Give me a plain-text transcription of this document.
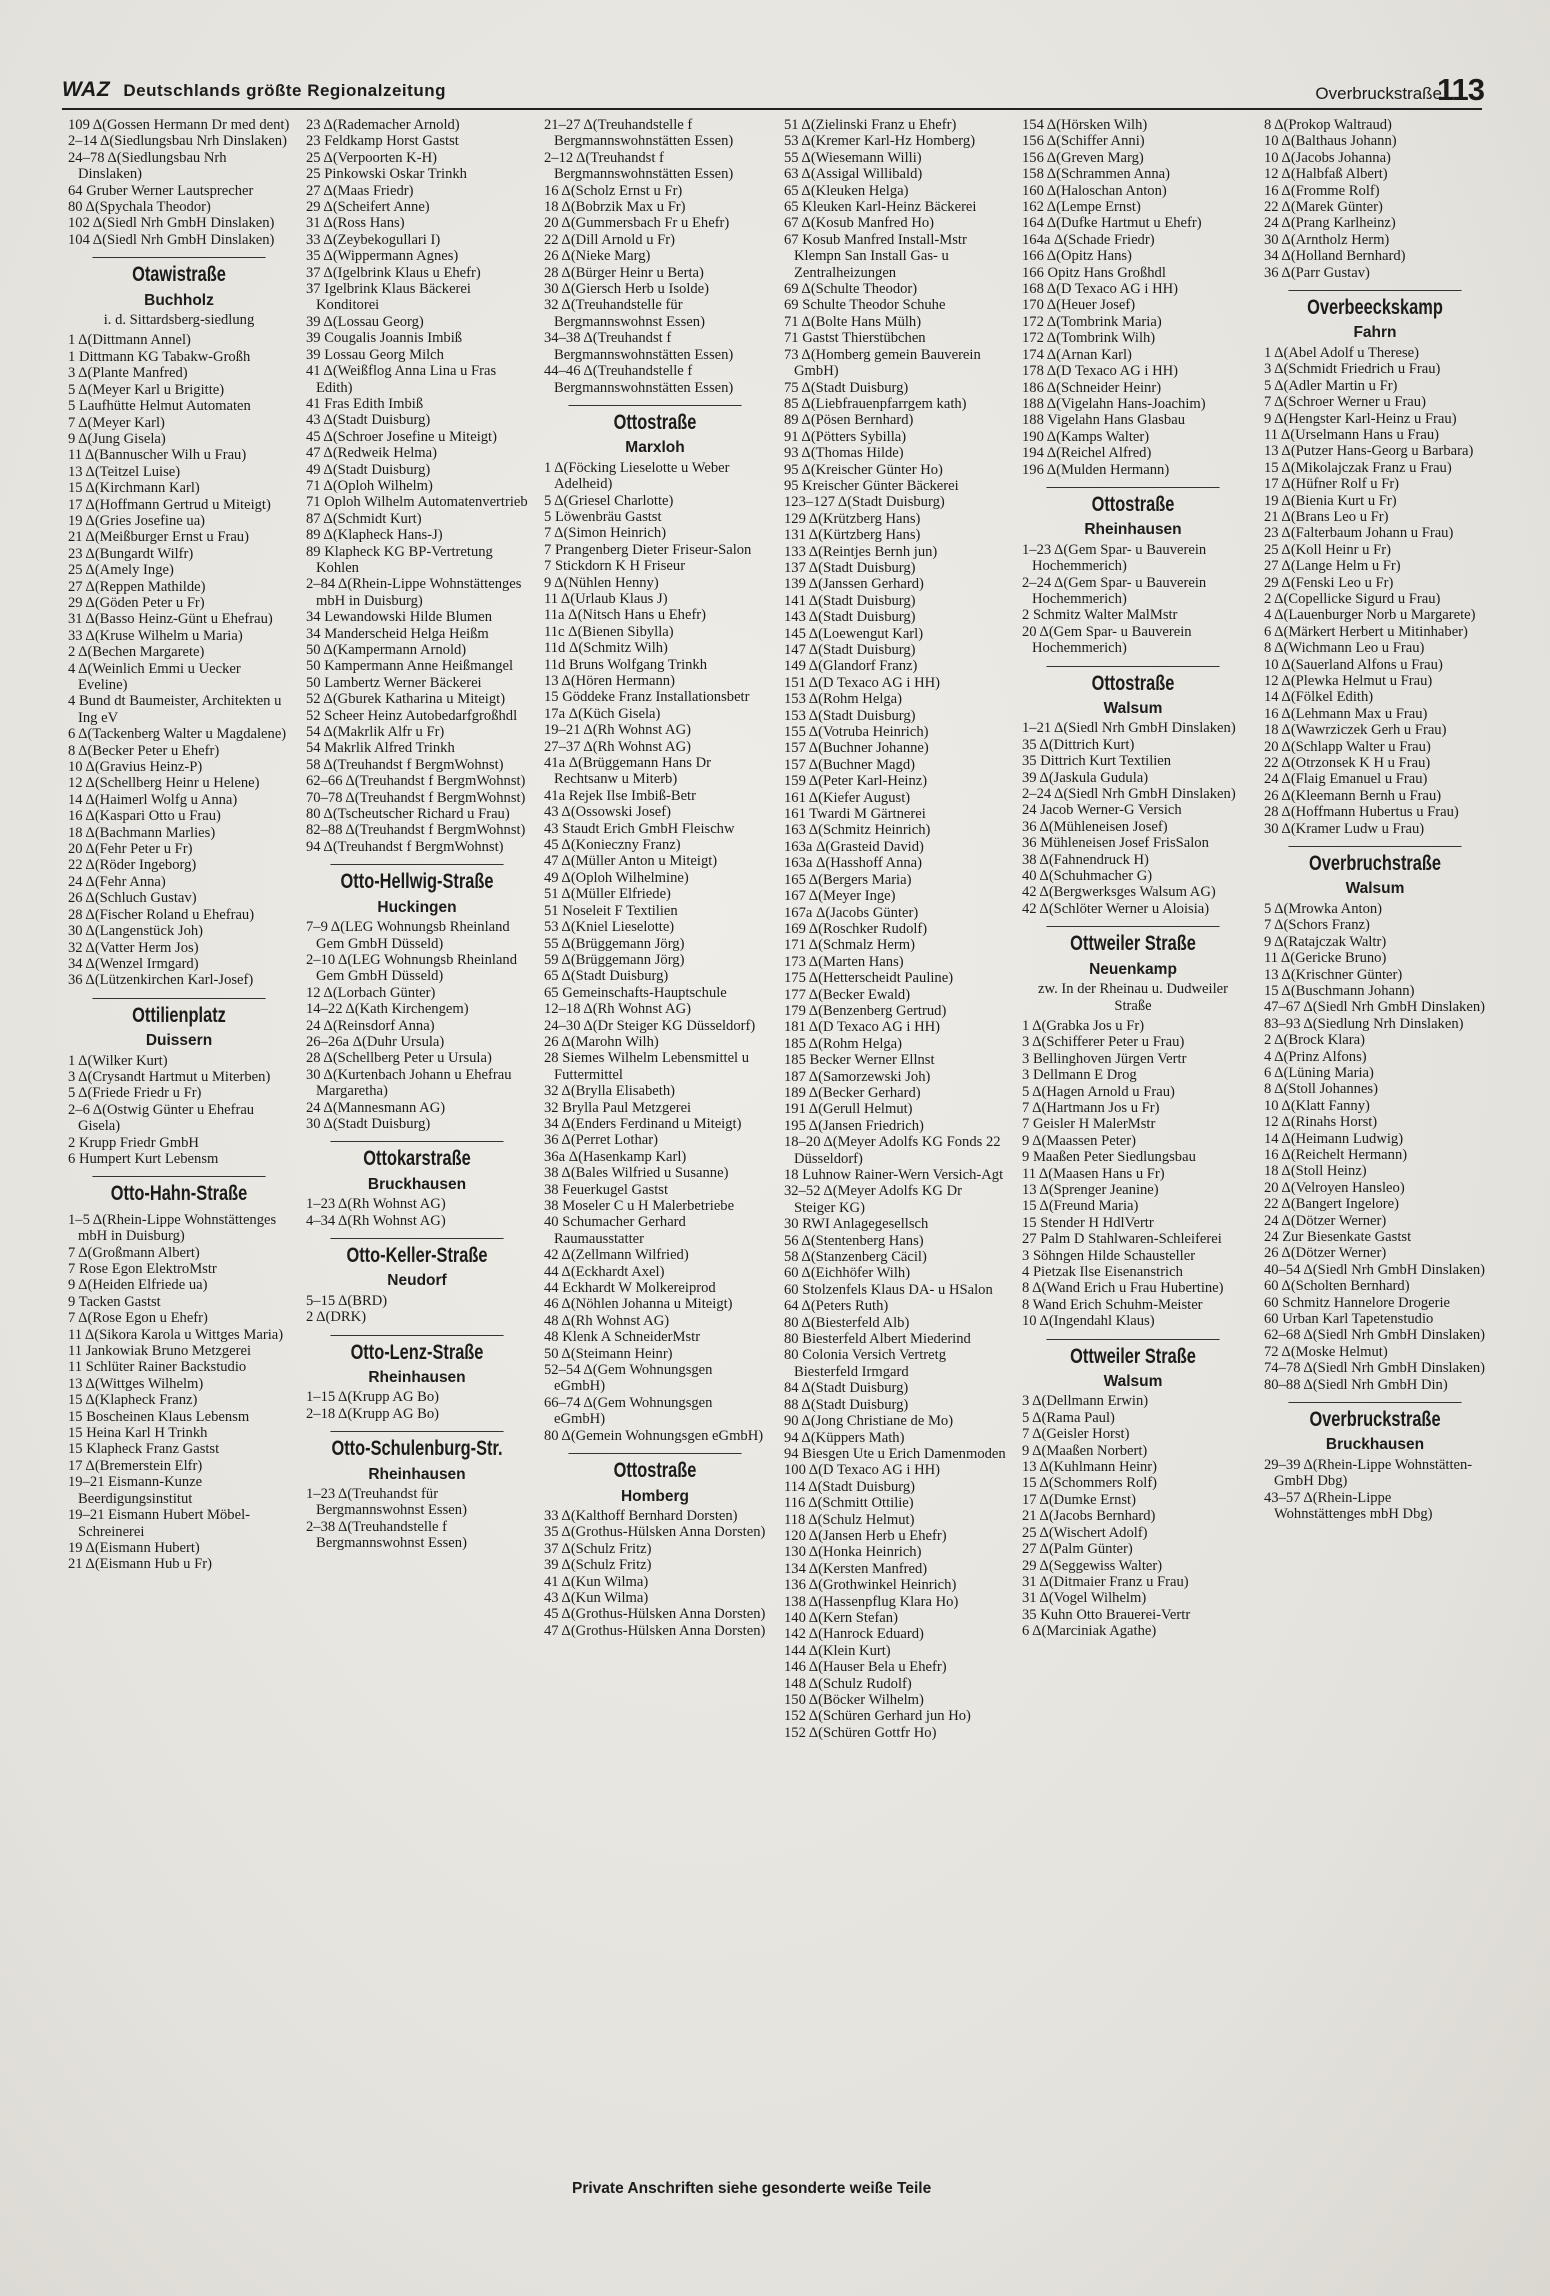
WAZ Deutschlands größte Regionalzeitung	Overbruckstraße
113
109 Δ(Gossen Hermann Dr med dent)
2–14 Δ(Siedlungsbau Nrh Dinslaken)
24–78 Δ(Siedlungsbau Nrh Dinslaken)
64 Gruber Werner Lautsprecher
80 Δ(Spychala Theodor)
102 Δ(Siedl Nrh GmbH Dinslaken)
104 Δ(Siedl Nrh GmbH Dinslaken)
Otawistraße
Buchholz
i. d. Sittardsberg-siedlung
1 Δ(Dittmann Annel)
1 Dittmann KG Tabakw-Großh
3 Δ(Plante Manfred)
5 Δ(Meyer Karl u Brigitte)
5 Laufhütte Helmut Automaten
7 Δ(Meyer Karl)
9 Δ(Jung Gisela)
11 Δ(Bannuscher Wilh u Frau)
13 Δ(Teitzel Luise)
15 Δ(Kirchmann Karl)
17 Δ(Hoffmann Gertrud u Miteigt)
19 Δ(Gries Josefine ua)
21 Δ(Meißburger Ernst u Frau)
23 Δ(Bungardt Wilfr)
25 Δ(Amely Inge)
27 Δ(Reppen Mathilde)
29 Δ(Göden Peter u Fr)
31 Δ(Basso Heinz-Günt u Ehefrau)
33 Δ(Kruse Wilhelm u Maria)
2 Δ(Bechen Margarete)
4 Δ(Weinlich Emmi u Uecker Eveline)
4 Bund dt Baumeister, Architekten u Ing eV
6 Δ(Tackenberg Walter u Magdalene)
8 Δ(Becker Peter u Ehefr)
10 Δ(Gravius Heinz-P)
12 Δ(Schellberg Heinr u Helene)
14 Δ(Haimerl Wolfg u Anna)
16 Δ(Kaspari Otto u Frau)
18 Δ(Bachmann Marlies)
20 Δ(Fehr Peter u Fr)
22 Δ(Röder Ingeborg)
24 Δ(Fehr Anna)
26 Δ(Schluch Gustav)
28 Δ(Fischer Roland u Ehefrau)
30 Δ(Langenstück Joh)
32 Δ(Vatter Herm Jos)
34 Δ(Wenzel Irmgard)
36 Δ(Lützenkirchen Karl-Josef)
Ottilienplatz
Duissern
1 Δ(Wilker Kurt)
3 Δ(Crysandt Hartmut u Miterben)
5 Δ(Friede Friedr u Fr)
2–6 Δ(Ostwig Günter u Ehefrau Gisela)
2 Krupp Friedr GmbH
6 Humpert Kurt Lebensm
Otto-Hahn-Straße
1–5 Δ(Rhein-Lippe Wohnstättenges mbH in Duisburg)
7 Δ(Großmann Albert)
7 Rose Egon ElektroMstr
9 Δ(Heiden Elfriede ua)
9 Tacken Gastst
7 Δ(Rose Egon u Ehefr)
11 Δ(Sikora Karola u Wittges Maria)
11 Jankowiak Bruno Metzgerei
11 Schlüter Rainer Backstudio
13 Δ(Wittges Wilhelm)
15 Δ(Klapheck Franz)
15 Boscheinen Klaus Lebensm
15 Heina Karl H Trinkh
15 Klapheck Franz Gastst
17 Δ(Bremerstein Elfr)
19–21 Eismann-Kunze Beerdigungsinstitut
19–21 Eismann Hubert Möbel-Schreinerei
19 Δ(Eismann Hubert)
21 Δ(Eismann Hub u Fr)
23 Δ(Rademacher Arnold)
23 Feldkamp Horst Gastst
25 Δ(Verpoorten K-H)
25 Pinkowski Oskar Trinkh
27 Δ(Maas Friedr)
29 Δ(Scheifert Anne)
31 Δ(Ross Hans)
33 Δ(Zeybekogullari I)
35 Δ(Wippermann Agnes)
37 Δ(Igelbrink Klaus u Ehefr)
37 Igelbrink Klaus Bäckerei Konditorei
39 Δ(Lossau Georg)
39 Cougalis Joannis Imbiß
39 Lossau Georg Milch
41 Δ(Weißflog Anna Lina u Fras Edith)
41 Fras Edith Imbiß
43 Δ(Stadt Duisburg)
45 Δ(Schroer Josefine u Miteigt)
47 Δ(Redweik Helma)
49 Δ(Stadt Duisburg)
71 Δ(Oploh Wilhelm)
71 Oploh Wilhelm Automatenvertrieb
87 Δ(Schmidt Kurt)
89 Δ(Klapheck Hans-J)
89 Klapheck KG BP-Vertretung Kohlen
2–84 Δ(Rhein-Lippe Wohnstättenges mbH in Duisburg)
34 Lewandowski Hilde Blumen
34 Manderscheid Helga Heißm
50 Δ(Kampermann Arnold)
50 Kampermann Anne Heißmangel
50 Lambertz Werner Bäckerei
52 Δ(Gburek Katharina u Miteigt)
52 Scheer Heinz Autobedarfgroßhdl
54 Δ(Makrlik Alfr u Fr)
54 Makrlik Alfred Trinkh
58 Δ(Treuhandst f BergmWohnst)
62–66 Δ(Treuhandst f BergmWohnst)
70–78 Δ(Treuhandst f BergmWohnst)
80 Δ(Tscheutscher Richard u Frau)
82–88 Δ(Treuhandst f BergmWohnst)
94 Δ(Treuhandst f BergmWohnst)
Otto-Hellwig-Straße
Huckingen
7–9 Δ(LEG Wohnungsb Rheinland Gem GmbH Düsseld)
2–10 Δ(LEG Wohnungsb Rheinland Gem GmbH Düsseld)
12 Δ(Lorbach Günter)
14–22 Δ(Kath Kirchengem)
24 Δ(Reinsdorf Anna)
26–26a Δ(Duhr Ursula)
28 Δ(Schellberg Peter u Ursula)
30 Δ(Kurtenbach Johann u Ehefrau Margaretha)
24 Δ(Mannesmann AG)
30 Δ(Stadt Duisburg)
Ottokarstraße
Bruckhausen
1–23 Δ(Rh Wohnst AG)
4–34 Δ(Rh Wohnst AG)
Otto-Keller-Straße
Neudorf
5–15 Δ(BRD)
2 Δ(DRK)
Otto-Lenz-Straße
Rheinhausen
1–15 Δ(Krupp AG Bo)
2–18 Δ(Krupp AG Bo)
Otto-Schulenburg-Str.
Rheinhausen
1–23 Δ(Treuhandst für Bergmannswohnst Essen)
2–38 Δ(Treuhandstelle f Bergmannswohnst Essen)
21–27 Δ(Treuhandstelle f Bergmannswohnstätten Essen)
2–12 Δ(Treuhandst f Bergmannswohnstätten Essen)
16 Δ(Scholz Ernst u Fr)
18 Δ(Bobrzik Max u Fr)
20 Δ(Gummersbach Fr u Ehefr)
22 Δ(Dill Arnold u Fr)
26 Δ(Nieke Marg)
28 Δ(Bürger Heinr u Berta)
30 Δ(Giersch Herb u Isolde)
32 Δ(Treuhandstelle für Bergmannswohnst Essen)
34–38 Δ(Treuhandst f Bergmannswohnstätten Essen)
44–46 Δ(Treuhandstelle f Bergmannswohnstätten Essen)
Ottostraße
Marxloh
1 Δ(Föcking Lieselotte u Weber Adelheid)
5 Δ(Griesel Charlotte)
5 Löwenbräu Gastst
7 Δ(Simon Heinrich)
7 Prangenberg Dieter Friseur-Salon
7 Stickdorn K H Friseur
9 Δ(Nühlen Henny)
11 Δ(Urlaub Klaus J)
11a Δ(Nitsch Hans u Ehefr)
11c Δ(Bienen Sibylla)
11d Δ(Schmitz Wilh)
11d Bruns Wolfgang Trinkh
13 Δ(Hören Hermann)
15 Göddeke Franz Installationsbetr
17a Δ(Küch Gisela)
19–21 Δ(Rh Wohnst AG)
27–37 Δ(Rh Wohnst AG)
41a Δ(Brüggemann Hans Dr Rechtsanw u Miterb)
41a Rejek Ilse Imbiß-Betr
43 Δ(Ossowski Josef)
43 Staudt Erich GmbH Fleischw
45 Δ(Konieczny Franz)
47 Δ(Müller Anton u Miteigt)
49 Δ(Oploh Wilhelmine)
51 Δ(Müller Elfriede)
51 Noseleit F Textilien
53 Δ(Kniel Lieselotte)
55 Δ(Brüggemann Jörg)
59 Δ(Brüggemann Jörg)
65 Δ(Stadt Duisburg)
65 Gemeinschafts-Hauptschule
12–18 Δ(Rh Wohnst AG)
24–30 Δ(Dr Steiger KG Düsseldorf)
26 Δ(Marohn Wilh)
28 Siemes Wilhelm Lebensmittel u Futtermittel
32 Δ(Brylla Elisabeth)
32 Brylla Paul Metzgerei
34 Δ(Enders Ferdinand u Miteigt)
36 Δ(Perret Lothar)
36a Δ(Hasenkamp Karl)
38 Δ(Bales Wilfried u Susanne)
38 Feuerkugel Gastst
38 Moseler C u H Malerbetriebe
40 Schumacher Gerhard Raumausstatter
42 Δ(Zellmann Wilfried)
44 Δ(Eckhardt Axel)
44 Eckhardt W Molkereiprod
46 Δ(Nöhlen Johanna u Miteigt)
48 Δ(Rh Wohnst AG)
48 Klenk A SchneiderMstr
50 Δ(Steimann Heinr)
52–54 Δ(Gem Wohnungsgen eGmbH)
66–74 Δ(Gem Wohnungsgen eGmbH)
80 Δ(Gemein Wohnungsgen eGmbH)
Ottostraße
Homberg
33 Δ(Kalthoff Bernhard Dorsten)
35 Δ(Grothus-Hülsken Anna Dorsten)
37 Δ(Schulz Fritz)
39 Δ(Schulz Fritz)
41 Δ(Kun Wilma)
43 Δ(Kun Wilma)
45 Δ(Grothus-Hülsken Anna Dorsten)
47 Δ(Grothus-Hülsken Anna Dorsten)
51 Δ(Zielinski Franz u Ehefr)
53 Δ(Kremer Karl-Hz Homberg)
55 Δ(Wiesemann Willi)
63 Δ(Assigal Willibald)
65 Δ(Kleuken Helga)
65 Kleuken Karl-Heinz Bäckerei
67 Δ(Kosub Manfred Ho)
67 Kosub Manfred Install-Mstr Klempn San Install Gas- u Zentralheizungen
69 Δ(Schulte Theodor)
69 Schulte Theodor Schuhe
71 Δ(Bolte Hans Mülh)
71 Gastst Thierstübchen
73 Δ(Homberg gemein Bauverein GmbH)
75 Δ(Stadt Duisburg)
85 Δ(Liebfrauenpfarrgem kath)
89 Δ(Pösen Bernhard)
91 Δ(Pötters Sybilla)
93 Δ(Thomas Hilde)
95 Δ(Kreischer Günter Ho)
95 Kreischer Günter Bäckerei
123–127 Δ(Stadt Duisburg)
129 Δ(Krützberg Hans)
131 Δ(Kürtzberg Hans)
133 Δ(Reintjes Bernh jun)
137 Δ(Stadt Duisburg)
139 Δ(Janssen Gerhard)
141 Δ(Stadt Duisburg)
143 Δ(Stadt Duisburg)
145 Δ(Loewengut Karl)
147 Δ(Stadt Duisburg)
149 Δ(Glandorf Franz)
151 Δ(D Texaco AG i HH)
153 Δ(Rohm Helga)
153 Δ(Stadt Duisburg)
155 Δ(Votruba Heinrich)
157 Δ(Buchner Johanne)
157 Δ(Buchner Magd)
159 Δ(Peter Karl-Heinz)
161 Δ(Kiefer August)
161 Twardi M Gärtnerei
163 Δ(Schmitz Heinrich)
163a Δ(Grasteid David)
163a Δ(Hasshoff Anna)
165 Δ(Bergers Maria)
167 Δ(Meyer Inge)
167a Δ(Jacobs Günter)
169 Δ(Roschker Rudolf)
171 Δ(Schmalz Herm)
173 Δ(Marten Hans)
175 Δ(Hetterscheidt Pauline)
177 Δ(Becker Ewald)
179 Δ(Benzenberg Gertrud)
181 Δ(D Texaco AG i HH)
185 Δ(Rohm Helga)
185 Becker Werner Ellnst
187 Δ(Samorzewski Joh)
189 Δ(Becker Gerhard)
191 Δ(Gerull Helmut)
195 Δ(Jansen Friedrich)
18–20 Δ(Meyer Adolfs KG Fonds 22 Düsseldorf)
18 Luhnow Rainer-Wern Versich-Agt
32–52 Δ(Meyer Adolfs KG Dr Steiger KG)
30 RWI Anlagegesellsch
56 Δ(Stentenberg Hans)
58 Δ(Stanzenberg Cäcil)
60 Δ(Eichhöfer Wilh)
60 Stolzenfels Klaus DA- u HSalon
64 Δ(Peters Ruth)
80 Δ(Biesterfeld Alb)
80 Biesterfeld Albert Miederind
80 Colonia Versich Vertretg Biesterfeld Irmgard
84 Δ(Stadt Duisburg)
88 Δ(Stadt Duisburg)
90 Δ(Jong Christiane de Mo)
94 Δ(Küppers Math)
94 Biesgen Ute u Erich Damenmoden
100 Δ(D Texaco AG i HH)
114 Δ(Stadt Duisburg)
116 Δ(Schmitt Ottilie)
118 Δ(Schulz Helmut)
120 Δ(Jansen Herb u Ehefr)
130 Δ(Honka Heinrich)
134 Δ(Kersten Manfred)
136 Δ(Grothwinkel Heinrich)
138 Δ(Hassenpflug Klara Ho)
140 Δ(Kern Stefan)
142 Δ(Hanrock Eduard)
144 Δ(Klein Kurt)
146 Δ(Hauser Bela u Ehefr)
148 Δ(Schulz Rudolf)
150 Δ(Böcker Wilhelm)
152 Δ(Schüren Gerhard jun Ho)
152 Δ(Schüren Gottfr Ho)
154 Δ(Hörsken Wilh)
156 Δ(Schiffer Anni)
156 Δ(Greven Marg)
158 Δ(Schrammen Anna)
160 Δ(Haloschan Anton)
162 Δ(Lempe Ernst)
164 Δ(Dufke Hartmut u Ehefr)
164a Δ(Schade Friedr)
166 Δ(Opitz Hans)
166 Opitz Hans Großhdl
168 Δ(D Texaco AG i HH)
170 Δ(Heuer Josef)
172 Δ(Tombrink Maria)
172 Δ(Tombrink Wilh)
174 Δ(Arnan Karl)
178 Δ(D Texaco AG i HH)
186 Δ(Schneider Heinr)
188 Δ(Vigelahn Hans-Joachim)
188 Vigelahn Hans Glasbau
190 Δ(Kamps Walter)
194 Δ(Reichel Alfred)
196 Δ(Mulden Hermann)
Ottostraße
Rheinhausen
1–23 Δ(Gem Spar- u Bauverein Hochemmerich)
2–24 Δ(Gem Spar- u Bauverein Hochemmerich)
2 Schmitz Walter MalMstr
20 Δ(Gem Spar- u Bauverein Hochemmerich)
Ottostraße
Walsum
1–21 Δ(Siedl Nrh GmbH Dinslaken)
35 Δ(Dittrich Kurt)
35 Dittrich Kurt Textilien
39 Δ(Jaskula Gudula)
2–24 Δ(Siedl Nrh GmbH Dinslaken)
24 Jacob Werner-G Versich
36 Δ(Mühleneisen Josef)
36 Mühleneisen Josef FrisSalon
38 Δ(Fahnendruck H)
40 Δ(Schuhmacher G)
42 Δ(Bergwerksges Walsum AG)
42 Δ(Schlöter Werner u Aloisia)
Ottweiler Straße
Neuenkamp
zw. In der Rheinau u. Dudweiler Straße
1 Δ(Grabka Jos u Fr)
3 Δ(Schifferer Peter u Frau)
3 Bellinghoven Jürgen Vertr
3 Dellmann E Drog
5 Δ(Hagen Arnold u Frau)
7 Δ(Hartmann Jos u Fr)
7 Geisler H MalerMstr
9 Δ(Maassen Peter)
9 Maaßen Peter Siedlungsbau
11 Δ(Maasen Hans u Fr)
13 Δ(Sprenger Jeanine)
15 Δ(Freund Maria)
15 Stender H HdlVertr
27 Palm D Stahlwaren-Schleiferei
3 Söhngen Hilde Schausteller
4 Pietzak Ilse Eisenanstrich
8 Δ(Wand Erich u Frau Hubertine)
8 Wand Erich Schuhm-Meister
10 Δ(Ingendahl Klaus)
Ottweiler Straße
Walsum
3 Δ(Dellmann Erwin)
5 Δ(Rama Paul)
7 Δ(Geisler Horst)
9 Δ(Maaßen Norbert)
13 Δ(Kuhlmann Heinr)
15 Δ(Schommers Rolf)
17 Δ(Dumke Ernst)
21 Δ(Jacobs Bernhard)
25 Δ(Wischert Adolf)
27 Δ(Palm Günter)
29 Δ(Seggewiss Walter)
31 Δ(Ditmaier Franz u Frau)
31 Δ(Vogel Wilhelm)
35 Kuhn Otto Brauerei-Vertr
6 Δ(Marciniak Agathe)
8 Δ(Prokop Waltraud)
10 Δ(Balthaus Johann)
10 Δ(Jacobs Johanna)
12 Δ(Halbfaß Albert)
16 Δ(Fromme Rolf)
22 Δ(Marek Günter)
24 Δ(Prang Karlheinz)
30 Δ(Arntholz Herm)
34 Δ(Holland Bernhard)
36 Δ(Parr Gustav)
Overbeeckskamp
Fahrn
1 Δ(Abel Adolf u Therese)
3 Δ(Schmidt Friedrich u Frau)
5 Δ(Adler Martin u Fr)
7 Δ(Schroer Werner u Frau)
9 Δ(Hengster Karl-Heinz u Frau)
11 Δ(Urselmann Hans u Frau)
13 Δ(Putzer Hans-Georg u Barbara)
15 Δ(Mikolajczak Franz u Frau)
17 Δ(Hüfner Rolf u Fr)
19 Δ(Bienia Kurt u Fr)
21 Δ(Brans Leo u Fr)
23 Δ(Falterbaum Johann u Frau)
25 Δ(Koll Heinr u Fr)
27 Δ(Lange Helm u Fr)
29 Δ(Fenski Leo u Fr)
2 Δ(Copellicke Sigurd u Frau)
4 Δ(Lauenburger Norb u Margarete)
6 Δ(Märkert Herbert u Mitinhaber)
8 Δ(Wichmann Leo u Frau)
10 Δ(Sauerland Alfons u Frau)
12 Δ(Plewka Helmut u Frau)
14 Δ(Fölkel Edith)
16 Δ(Lehmann Max u Frau)
18 Δ(Wawrziczek Gerh u Frau)
20 Δ(Schlapp Walter u Frau)
22 Δ(Otrzonsek K H u Frau)
24 Δ(Flaig Emanuel u Frau)
26 Δ(Kleemann Bernh u Frau)
28 Δ(Hoffmann Hubertus u Frau)
30 Δ(Kramer Ludw u Frau)
Overbruchstraße
Walsum
5 Δ(Mrowka Anton)
7 Δ(Schors Franz)
9 Δ(Ratajczak Waltr)
11 Δ(Gericke Bruno)
13 Δ(Krischner Günter)
15 Δ(Buschmann Johann)
47–67 Δ(Siedl Nrh GmbH Dinslaken)
83–93 Δ(Siedlung Nrh Dinslaken)
2 Δ(Brock Klara)
4 Δ(Prinz Alfons)
6 Δ(Lüning Maria)
8 Δ(Stoll Johannes)
10 Δ(Klatt Fanny)
12 Δ(Rinahs Horst)
14 Δ(Heimann Ludwig)
16 Δ(Reichelt Hermann)
18 Δ(Stoll Heinz)
20 Δ(Velroyen Hansleo)
22 Δ(Bangert Ingelore)
24 Δ(Dötzer Werner)
24 Zur Biesenkate Gastst
26 Δ(Dötzer Werner)
40–54 Δ(Siedl Nrh GmbH Dinslaken)
60 Δ(Scholten Bernhard)
60 Schmitz Hannelore Drogerie
60 Urban Karl Tapetenstudio
62–68 Δ(Siedl Nrh GmbH Dinslaken)
72 Δ(Moske Helmut)
74–78 Δ(Siedl Nrh GmbH Dinslaken)
80–88 Δ(Siedl Nrh GmbH Din)
Overbruckstraße
Bruckhausen
29–39 Δ(Rhein-Lippe Wohnstätten-GmbH Dbg)
43–57 Δ(Rhein-Lippe Wohnstättenges mbH Dbg)
Private Anschriften siehe gesonderte weiße Teile
